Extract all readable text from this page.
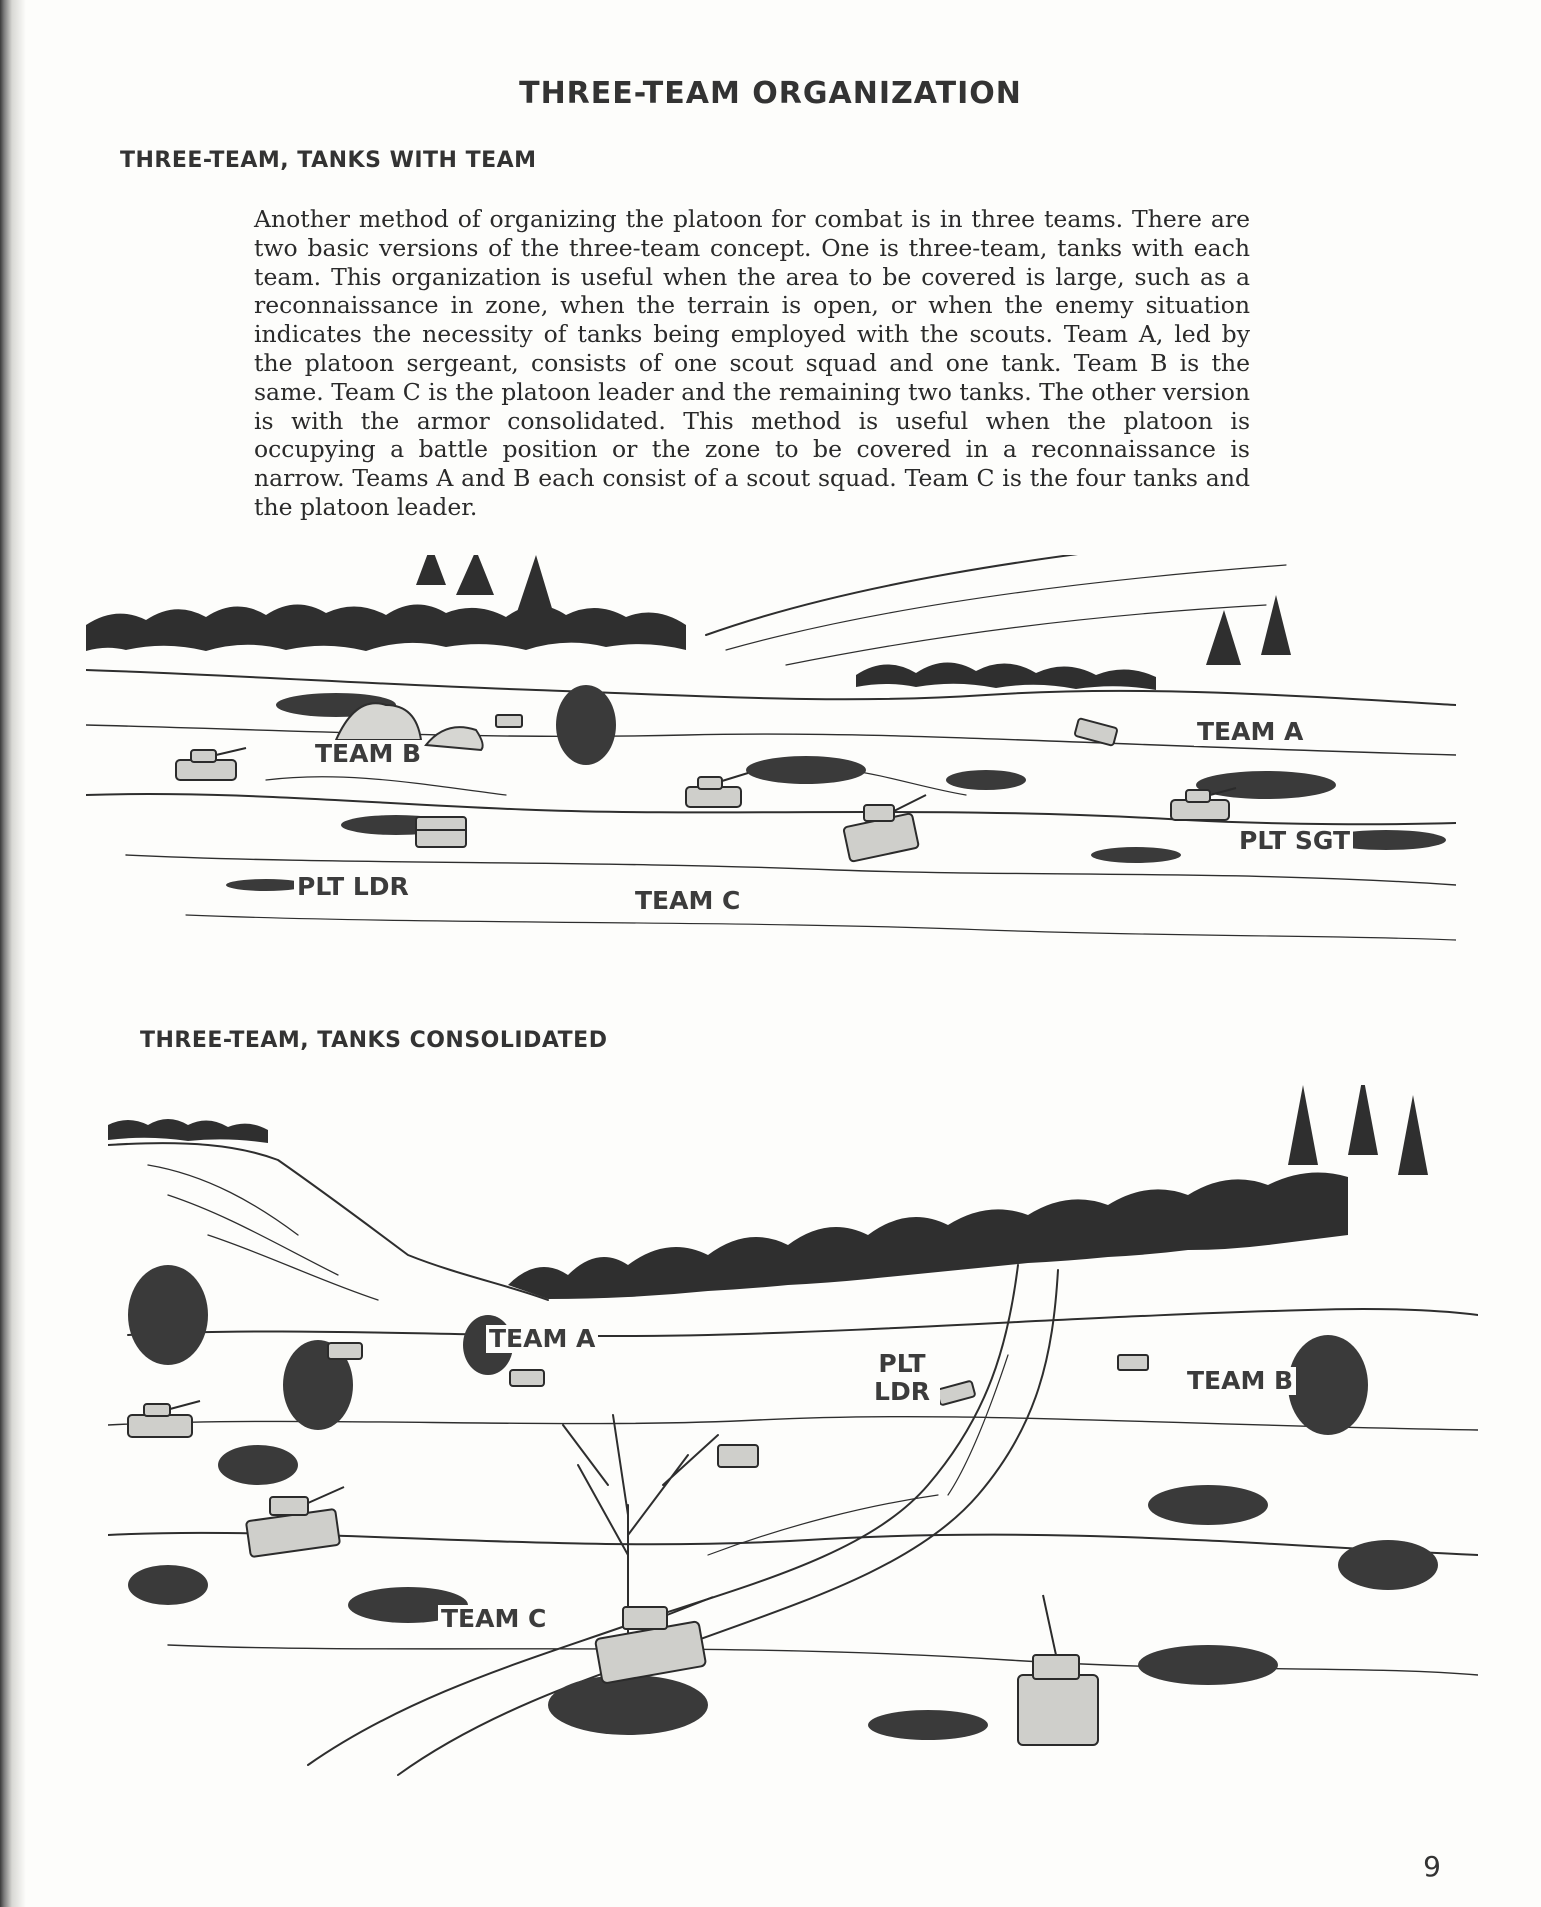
THREE-TEAM ORGANIZATION
THREE-TEAM, TANKS WITH TEAM
Another method of organizing the platoon for combat is in three teams. There are two basic versions of the three-team concept. One is three-team, tanks with each team. This organization is useful when the area to be covered is large, such as a reconnaissance in zone, when the terrain is open, or when the enemy situation indicates the necessity of tanks being employed with the scouts. Team A, led by the platoon sergeant, consists of one scout squad and one tank. Team B is the same. Team C is the platoon leader and the remaining two tanks. The other version is with the armor consolidated. This method is useful when the platoon is occupying a battle position or the zone to be covered in a reconnaissance is narrow. Teams A and B each consist of a scout squad. Team C is the four tanks and the platoon leader.
TEAM B
TEAM A
PLT SGT
PLT LDR	TEAM C
THREE-TEAM, TANKS CONSOLIDATED
TEAM A
PLT
LDR	TEAM B
TEAM C
9
